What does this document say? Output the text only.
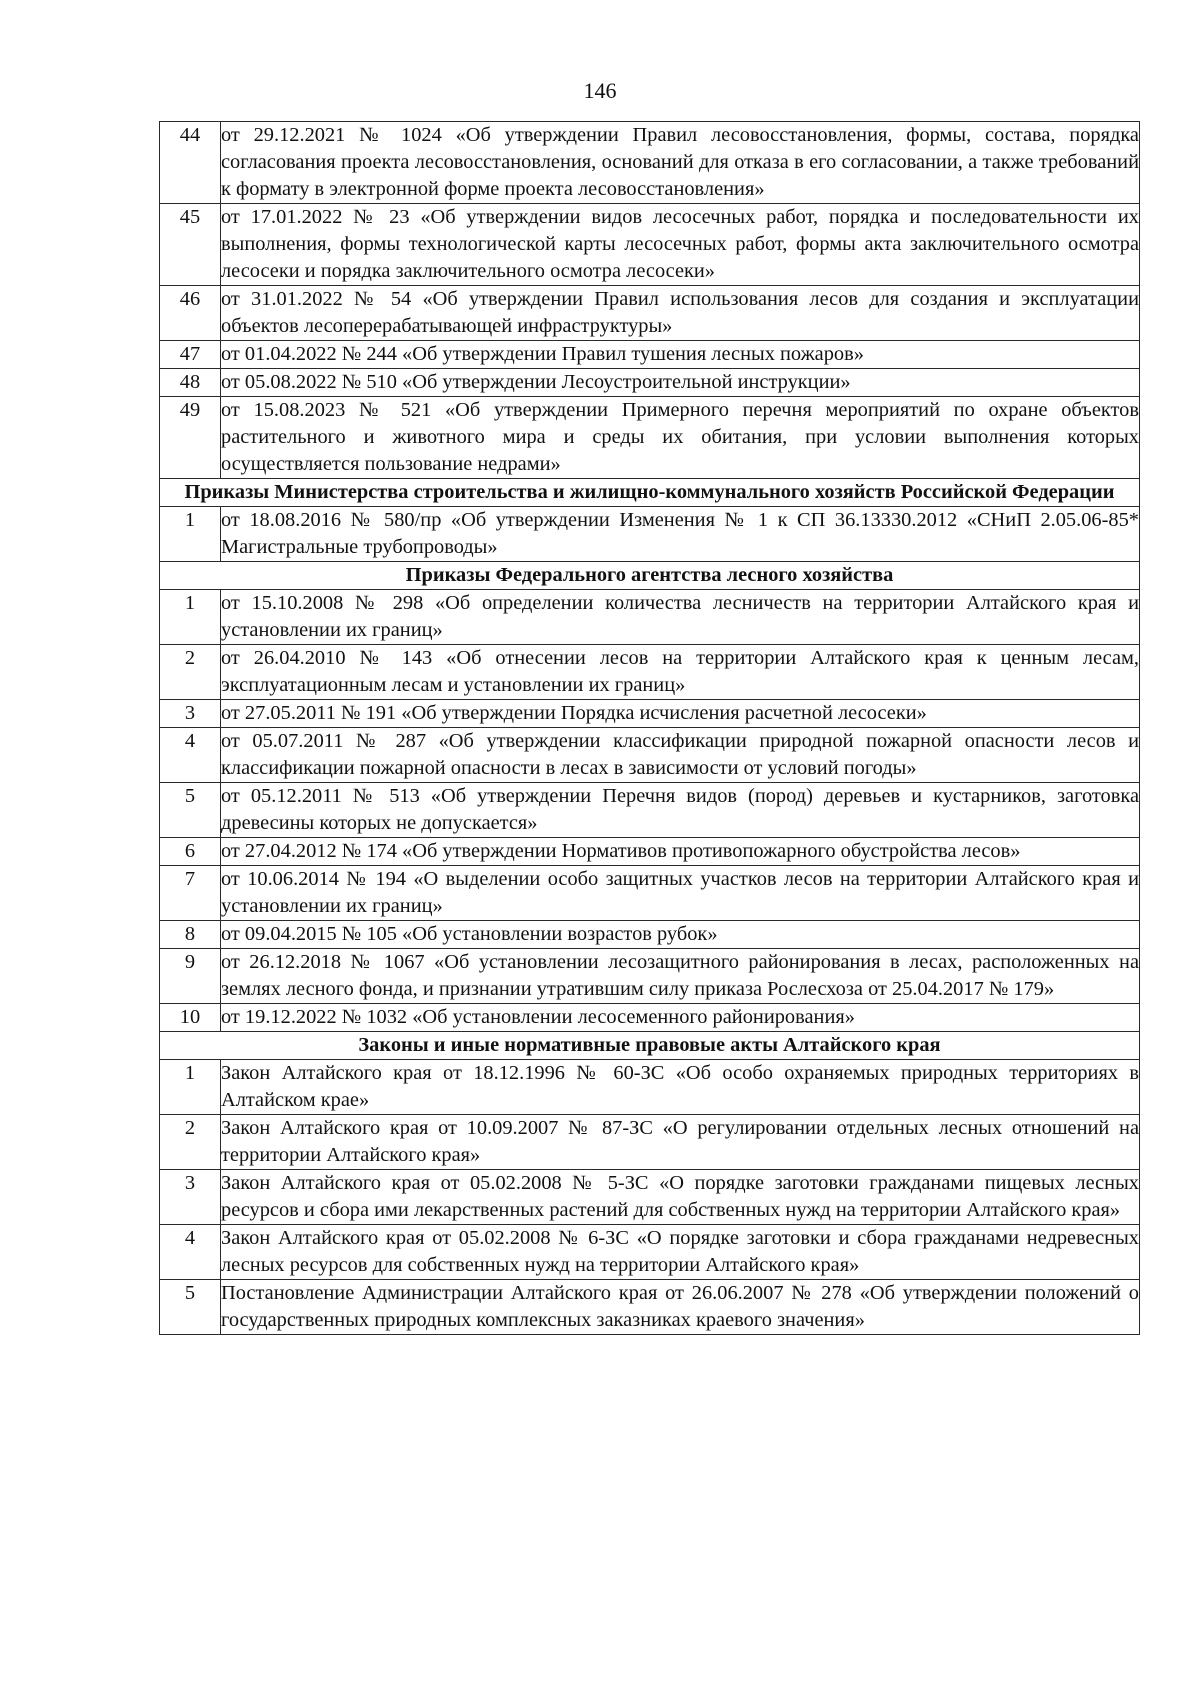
146
44	от 29.12.2021 № 1024 «Об утверждении Правил лесовосстановления, формы, состава, порядка согласования проекта лесовосстановления, оснований для отказа в его согласовании, а также требований к формату в электронной форме проекта лесовосстановления»
45	от 17.01.2022 № 23 «Об утверждении видов лесосечных работ, порядка и последовательности их выполнения, формы технологической карты лесосечных работ, формы акта заключительного осмотра лесосеки и порядка заключительного осмотра лесосеки»
46	от 31.01.2022 № 54 «Об утверждении Правил использования лесов для создания и эксплуатации объектов лесоперерабатывающей инфраструктуры»
47	от 01.04.2022 № 244 «Об утверждении Правил тушения лесных пожаров»
48	от 05.08.2022 № 510 «Об утверждении Лесоустроительной инструкции»
49	от 15.08.2023 № 521 «Об утверждении Примерного перечня мероприятий по охране объектов растительного и животного мира и среды их обитания, при условии выполнения которых осуществляется пользование недрами»
Приказы Министерства строительства и жилищно-коммунального хозяйств Российской Федерации	
1	от 18.08.2016 № 580/пр «Об утверждении Изменения № 1 к СП 36.13330.2012 «СНиП 2.05.06-85* Магистральные трубопроводы»
Приказы Федерального агентства лесного хозяйства	
1	от 15.10.2008 № 298 «Об определении количества лесничеств на территории Алтайского края и установлении их границ»
2	от 26.04.2010 № 143 «Об отнесении лесов на территории Алтайского края к ценным лесам, эксплуатационным лесам и установлении их границ»
3	от 27.05.2011 № 191 «Об утверждении Порядка исчисления расчетной лесосеки»
4	от 05.07.2011 № 287 «Об утверждении классификации природной пожарной опасности лесов и классификации пожарной опасности в лесах в зависимости от условий погоды»
5	от 05.12.2011 № 513 «Об утверждении Перечня видов (пород) деревьев и кустарников, заготовка древесины которых не допускается»
6	от 27.04.2012 № 174 «Об утверждении Нормативов противопожарного обустройства лесов»
7	от 10.06.2014 № 194 «О выделении особо защитных участков лесов на территории Алтайского края и установлении их границ»
8	от 09.04.2015 № 105 «Об установлении возрастов рубок»
9	от 26.12.2018 № 1067 «Об установлении лесозащитного районирования в лесах, расположенных на землях лесного фонда, и признании утратившим силу приказа Рослесхоза от 25.04.2017 № 179»
10	от 19.12.2022 № 1032 «Об установлении лесосеменного районирования»
Законы и иные нормативные правовые акты Алтайского края	
1	Закон Алтайского края от 18.12.1996 № 60-ЗС «Об особо охраняемых природных территориях в Алтайском крае»
2	Закон Алтайского края от 10.09.2007 № 87-ЗС «О регулировании отдельных лесных отношений на территории Алтайского края»
3	Закон Алтайского края от 05.02.2008 № 5-ЗС «О порядке заготовки гражданами пищевых лесных ресурсов и сбора ими лекарственных растений для собственных нужд на территории Алтайского края»
4	Закон Алтайского края от 05.02.2008 № 6-ЗС «О порядке заготовки и сбора гражданами недревесных лесных ресурсов для собственных нужд на территории Алтайского края»
5	Постановление Администрации Алтайского края от 26.06.2007 № 278 «Об утверждении положений о государственных природных комплексных заказниках краевого значения»
